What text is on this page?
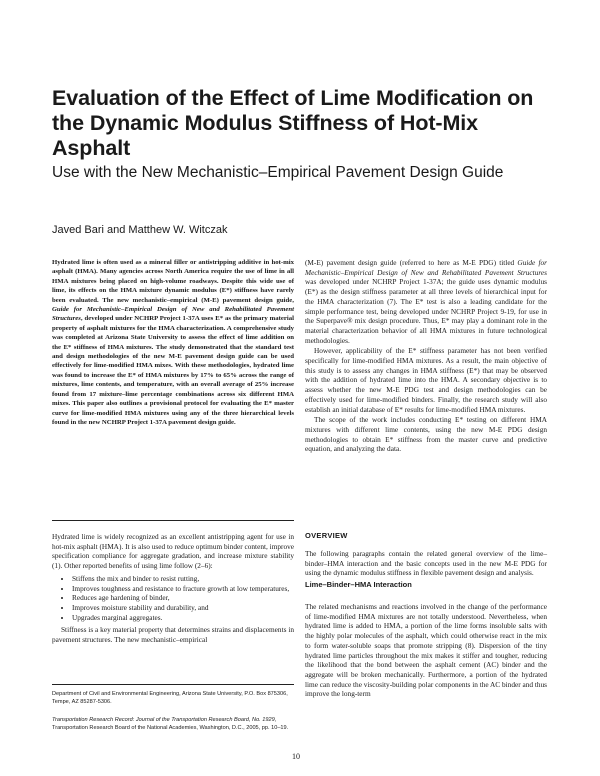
Evaluation of the Effect of Lime Modification on the Dynamic Modulus Stiffness of Hot-Mix Asphalt
Use with the New Mechanistic–Empirical Pavement Design Guide
Javed Bari and Matthew W. Witczak
Hydrated lime is often used as a mineral filler or antistripping additive in hot-mix asphalt (HMA). Many agencies across North America require the use of lime in all HMA mixtures being placed on high-volume roadways. Despite this wide use of lime, its effects on the HMA mixture dynamic modulus (E*) stiffness have rarely been evaluated. The new mechanistic–empirical (M-E) pavement design guide, Guide for Mechanistic–Empirical Design of New and Rehabilitated Pavement Structures, developed under NCHRP Project 1-37A uses E* as the primary material property of asphalt mixtures for the HMA characterization. A comprehensive study was completed at Arizona State University to assess the effect of lime addition on the E* stiffness of HMA mixtures. The study demonstrated that the standard test and design methodologies of the new M-E pavement design guide can be used effectively for lime-modified HMA mixes. With these methodologies, hydrated lime was found to increase the E* of HMA mixtures by 17% to 65% across the range of mixtures, lime contents, and temperature, with an overall average of 25% increase found from 17 mixture–lime percentage combinations across six different HMA mixes. This paper also outlines a provisional protocol for evaluating the E* master curve for lime-modified HMA mixtures using any of the three hierarchical levels found in the new NCHRP Project 1-37A pavement design guide.

Hydrated lime is widely recognized as an excellent antistripping agent for use in hot-mix asphalt (HMA). It is also used to reduce optimum binder content, improve specification compliance for aggregate gradation, and increase mixture stability (1). Other reported benefits of using lime follow (2–6):

• Stiffens the mix and binder to resist rutting,
• Improves toughness and resistance to fracture growth at low temperatures,
• Reduces age hardening of binder,
• Improves moisture stability and durability, and
• Upgrades marginal aggregates.

Stiffness is a key material property that determines strains and displacements in pavement structures. The new mechanistic–empirical

Department of Civil and Environmental Engineering, Arizona State University, P.O. Box 875306, Tempe, AZ 85287-5306.
Transportation Research Record: Journal of the Transportation Research Board, No. 1929, Transportation Research Board of the National Academies, Washington, D.C., 2005, pp. 10–19.

(M-E) pavement design guide (referred to here as M-E PDG) titled Guide for Mechanistic–Empirical Design of New and Rehabilitated Pavement Structures was developed under NCHRP Project 1-37A; the guide uses dynamic modulus (E*) as the design stiffness parameter at all three levels of hierarchical input for the HMA characterization (7). The E* test is also a leading candidate for the simple performance test, being developed under NCHRP Project 9-19, for use in the Superpave® mix design procedure. Thus, E* may play a dominant role in the material characterization behavior of all HMA mixtures in future technological methodologies.

However, applicability of the E* stiffness parameter has not been verified specifically for lime-modified HMA mixtures. As a result, the main objective of this study is to assess any changes in HMA stiffness (E*) that may be observed with the addition of hydrated lime into the HMA. A secondary objective is to assess whether the new M-E PDG test and design methodologies can be effectively used for lime-modified binders. Finally, the research study will also establish an initial database of E* results for lime-modified HMA mixtures.

The scope of the work includes conducting E* testing on different HMA mixtures with different lime contents, using the new M-E PDG design methodologies to obtain E* stiffness from the master curve and predictive equation, and analyzing the data.

OVERVIEW

The following paragraphs contain the related general overview of the lime–binder–HMA interaction and the basic concepts used in the new M-E PDG for using the dynamic modulus stiffness in flexible pavement design and analysis.

Lime–Binder–HMA Interaction

The related mechanisms and reactions involved in the change of the performance of lime-modified HMA mixtures are not totally understood. Nevertheless, when hydrated lime is added to HMA, a portion of the lime forms insoluble salts with the highly polar molecules of the asphalt, which could otherwise react in the mix to form water-soluble soaps that promote stripping (8). Dispersion of the tiny hydrated lime particles throughout the mix makes it stiffer and tougher, reducing the likelihood that the bond between the asphalt cement (AC) binder and the aggregate will be broken mechanically. Furthermore, a portion of the hydrated lime can reduce the viscosity-building polar components in the AC binder and thus improve the long-term

10
